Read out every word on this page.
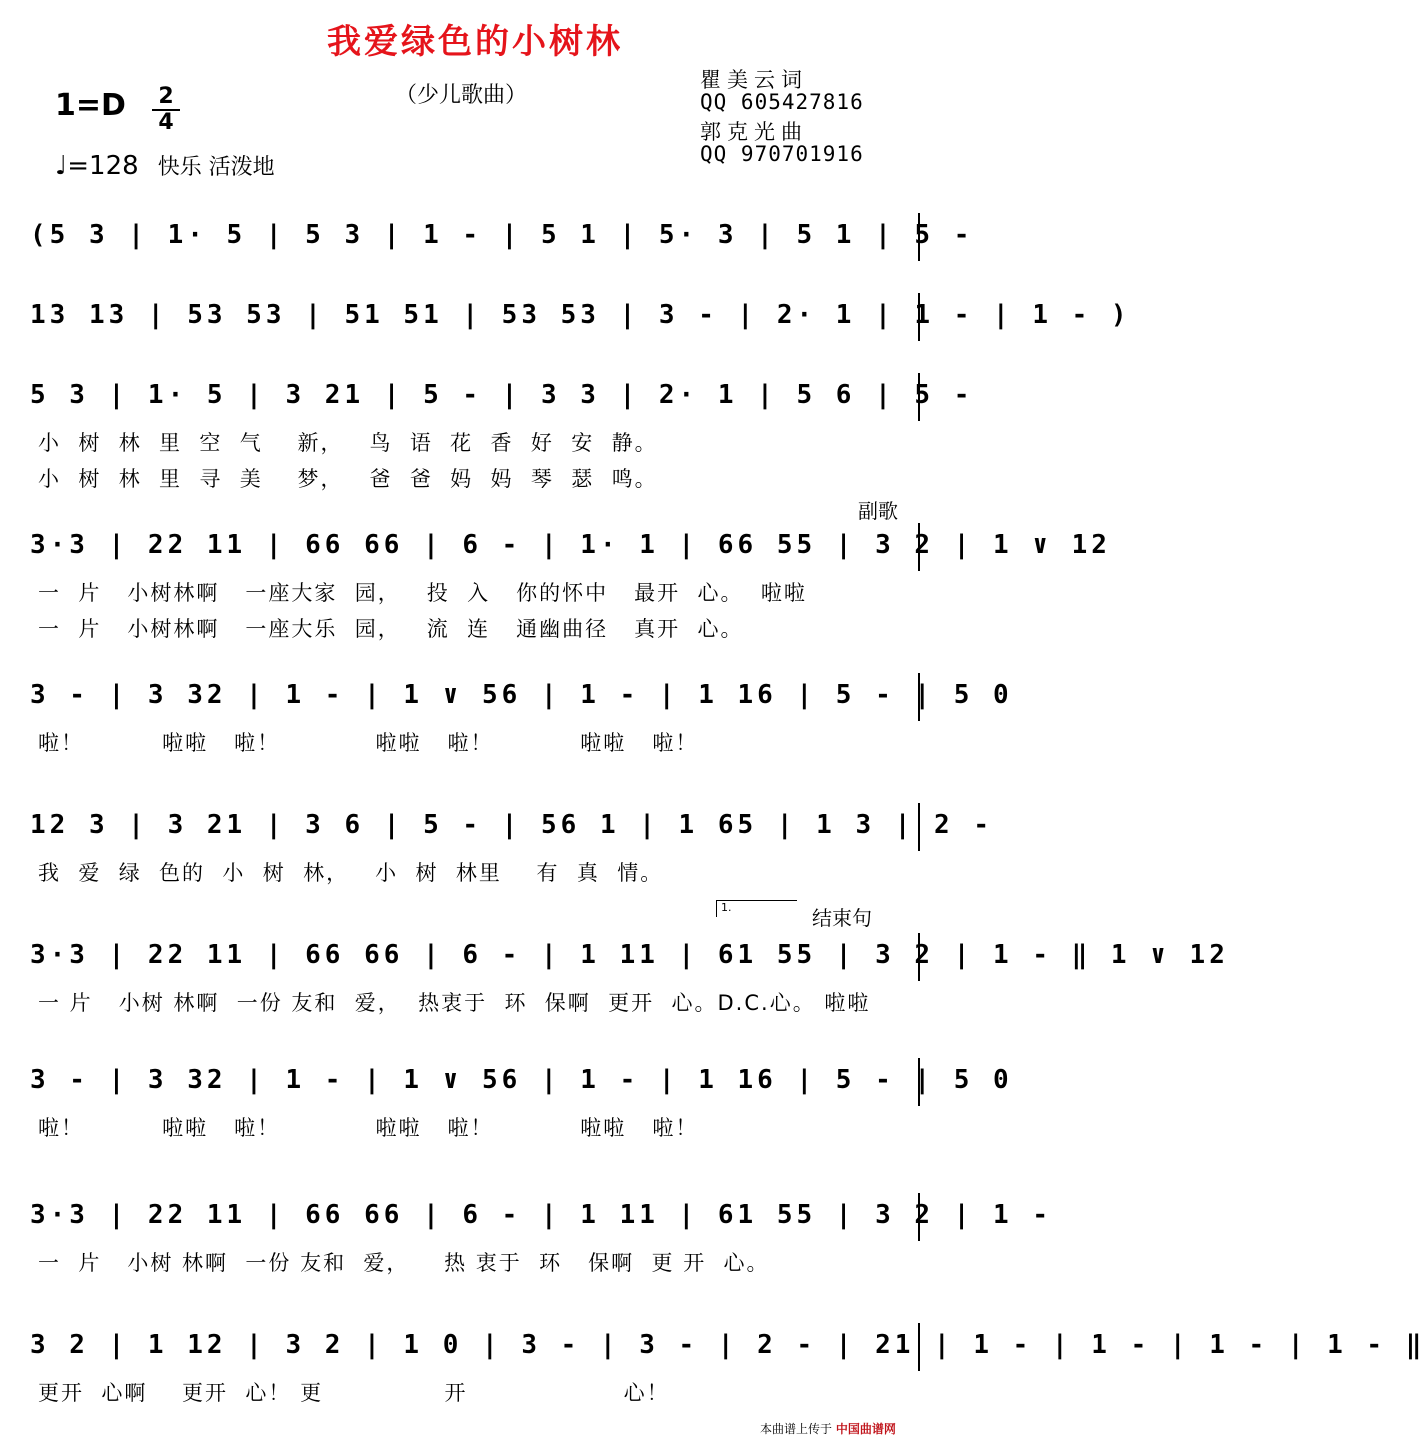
我爱绿色的小树林
（少儿歌曲）
1=D 2
4
♩=128 快乐 活泼地
瞿美云词
QQ 605427816
郭克光曲
QQ 970701916
副歌
结束句
1.
(5 3 | 1· 5 | 5 3 | 1 - | 5 1 | 5· 3 | 5 1 | 5 -
13 13 | 53 53 | 51 51 | 53 53 | 3 - | 2· 1 | 1 - | 1 - )
5 3 | 1· 5 | 3 21 | 5 - | 3 3 | 2· 1 | 5 6 | 5 -
小  树  林  里  空  气    新，   鸟  语  花  香  好  安  静。
小  树  林  里  寻  美    梦，   爸  爸  妈  妈  琴  瑟  鸣。
3·3 | 22 11 | 66 66 | 6 - | 1· 1 | 66 55 | 3 2 | 1 ∨ 12
一  片   小树林啊   一座大家  园，   投  入   你的怀中   最开  心。  啦啦
一  片   小树林啊   一座大乐  园，   流  连   通幽曲径   真开  心。
3 - | 3 32 | 1 - | 1 ∨ 56 | 1 - | 1 16 | 5 - | 5 0
啦！         啦啦   啦！           啦啦   啦！          啦啦   啦！
12 3 | 3 21 | 3 6 | 5 - | 56 1 | 1 65 | 1 3 | 2 -
我  爱  绿  色的  小  树  林，   小  树  林里    有  真  情。
3·3 | 22 11 | 66 66 | 6 - | 1 11 | 61 55 | 3 2 | 1 - ‖ 1 ∨ 12
一 片   小树 林啊  一份 友和  爱，  热衷于  环  保啊  更开  心。D.C.心。 啦啦
3 - | 3 32 | 1 - | 1 ∨ 56 | 1 - | 1 16 | 5 - | 5 0
啦！         啦啦   啦！           啦啦   啦！          啦啦   啦！
3·3 | 22 11 | 66 66 | 6 - | 1 11 | 61 55 | 3 2 | 1 -
一  片   小树 林啊  一份 友和  爱，    热 衷于  环   保啊  更 开  心。
3 2 | 1 12 | 3 2 | 1 0 | 3 - | 3 - | 2 - | 21 | 1 - | 1 - | 1 - | 1 - ‖
更开  心啊    更开  心！ 更              开                  心！
本曲谱上传于 中国曲谱网
